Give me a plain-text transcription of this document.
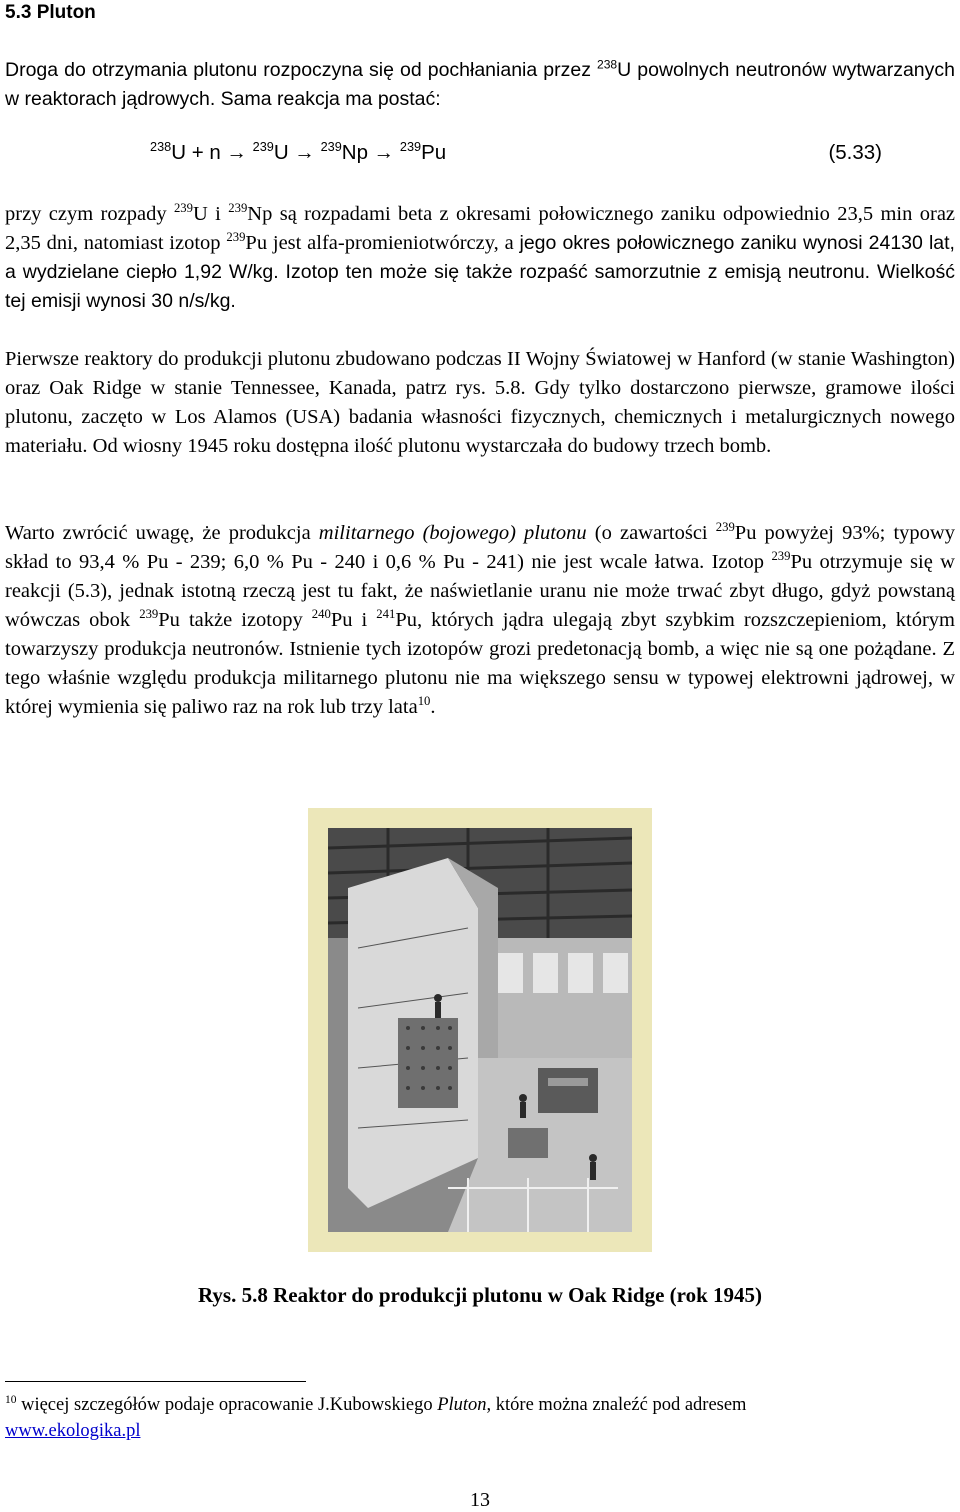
5.3 Pluton
Droga do otrzymania plutonu rozpoczyna się od pochłaniania przez $^{238}$U powolnych neutronów wytwarzanych w reaktorach jądrowych. Sama reakcja ma postać:
$^{238}$U + n → $^{239}$U → $^{239}$Np → $^{239}$Pu	(5.33)
przy czym rozpady $^{239}$U i $^{239}$Np są rozpadami beta z okresami połowicznego zaniku odpowiednio 23,5 min oraz 2,35 dni, natomiast izotop $^{239}$Pu jest alfa-promieniotwórczy, a jego okres połowicznego zaniku wynosi 24130 lat, a wydzielane ciepło 1,92 W/kg. Izotop ten może się także rozpaść samorzutnie z emisją neutronu. Wielkość tej emisji wynosi 30 n/s/kg.
Pierwsze reaktory do produkcji plutonu zbudowano podczas II Wojny Światowej w Hanford (w stanie Washington) oraz Oak Ridge w stanie Tennessee, Kanada, patrz rys. 5.8. Gdy tylko dostarczono pierwsze, gramowe ilości plutonu, zaczęto w Los Alamos (USA) badania własności fizycznych, chemicznych i metalurgicznych nowego materiału. Od wiosny 1945 roku dostępna ilość plutonu wystarczała do budowy trzech bomb.
Warto zwrócić uwagę, że produkcja militarnego (bojowego) plutonu (o zawartości $^{239}$Pu powyżej 93%; typowy skład to 93,4 % Pu - 239; 6,0 % Pu - 240 i 0,6 % Pu - 241) nie jest wcale łatwa. Izotop $^{239}$Pu otrzymuje się w reakcji (5.3), jednak istotną rzeczą jest tu fakt, że naświetlanie uranu nie może trwać zbyt długo, gdyż powstaną wówczas obok $^{239}$Pu także izotopy $^{240}$Pu i $^{241}$Pu, których jądra ulegają zbyt szybkim rozszczepieniom, którym towarzyszy produkcja neutronów. Istnienie tych izotopów grozi predetonacją bomb, a więc nie są one pożądane. Z tego właśnie względu produkcja militarnego plutonu nie ma większego sensu w typowej elektrowni jądrowej, w której wymienia się paliwo raz na rok lub trzy lata$^{10}$.
Rys. 5.8 Reaktor do produkcji plutonu w Oak Ridge (rok 1945)
$^{10}$ więcej szczegółów podaje opracowanie J.Kubowskiego Pluton, które można znaleźć pod adresem
www.ekologika.pl
13
